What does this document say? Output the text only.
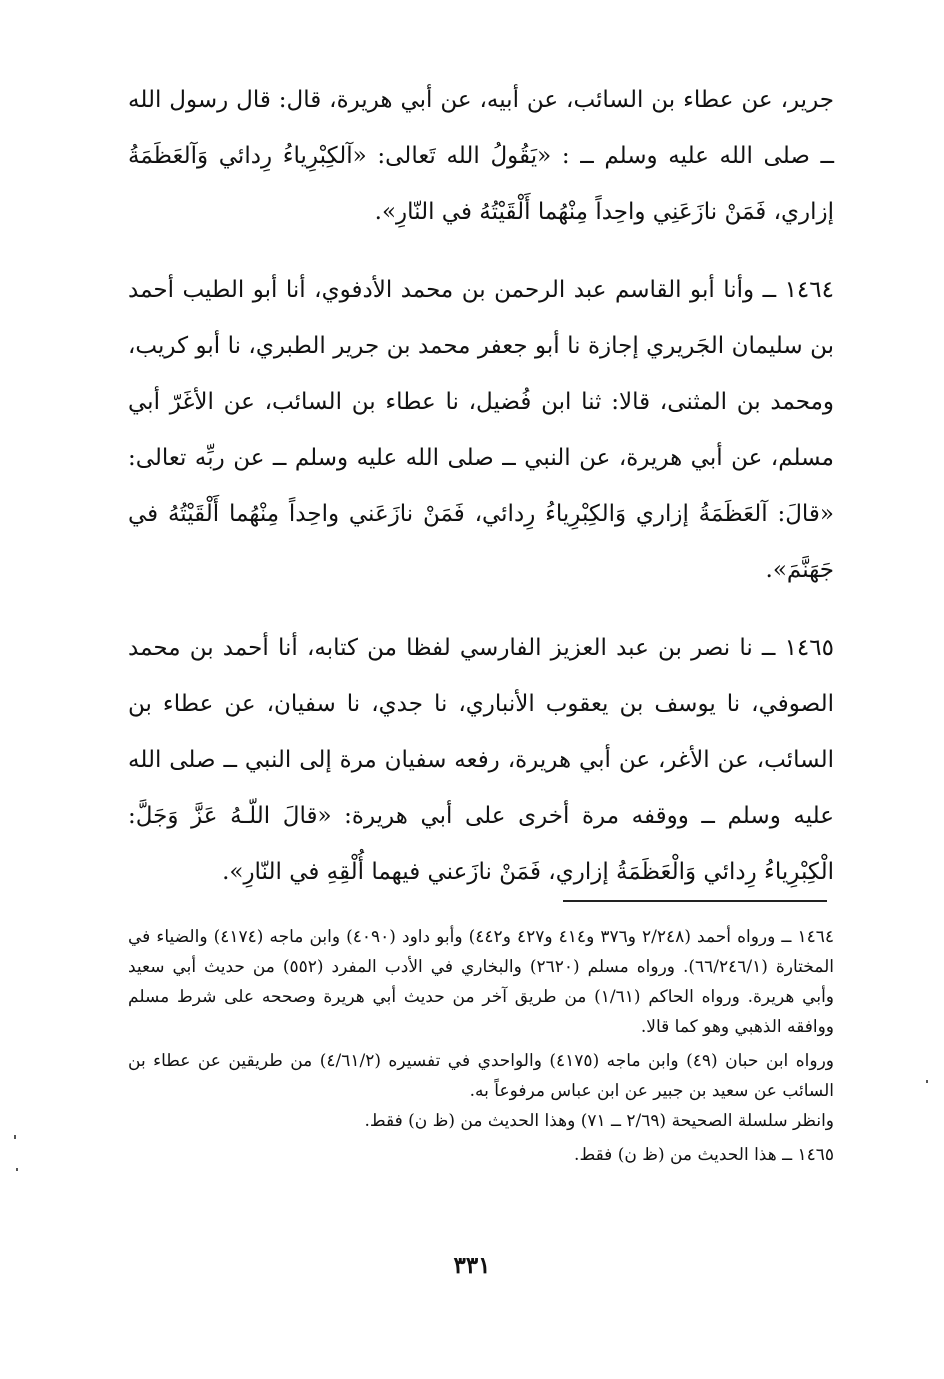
جرير، عن عطاء بن السائب، عن أبيه، عن أبي هريرة، قال: قال رسول الله ــ صلى الله عليه وسلم ــ : «يَقُولُ الله تَعالى: «آلكِبْرِياءُ رِدائي وَآلعَظَمَةُ إزاري، فَمَنْ نازَعَنِي واحِداً مِنْهُما أَلْقَيْتُهُ في النّارِ».

١٤٦٤ ــ وأنا أبو القاسم عبد الرحمن بن محمد الأدفوي، أنا أبو الطيب أحمد بن سليمان الجَريري إجازة نا أبو جعفر محمد بن جرير الطبري، نا أبو كريب، ومحمد بن المثنى، قالا: ثنا ابن فُضيل، نا عطاء بن السائب، عن الأغَرّ أبي مسلم، عن أبي هريرة، عن النبي ــ صلى الله عليه وسلم ــ عن ربِّه تعالى: «قالَ: آلعَظَمَةُ إزاري وَالكِبْرِياءُ رِدائي، فَمَنْ نازَعَني واحِداً مِنْهُما أَلْقَيْتُهُ في جَهَنَّمَ».

١٤٦٥ ــ نا نصر بن عبد العزيز الفارسي لفظا من كتابه، أنا أحمد بن محمد الصوفي، نا يوسف بن يعقوب الأنباري، نا جدي، نا سفيان، عن عطاء بن السائب، عن الأغر، عن أبي هريرة، رفعه سفيان مرة إلى النبي ــ صلى الله عليه وسلم ــ ووقفه مرة أخرى على أبي هريرة: «قالَ اللّـهُ عَزَّ وَجَلَّ: الْكِبْرِياءُ رِدائي وَالْعَظَمَةُ إزاري، فَمَنْ نازَعني فيهما أُلْقِهِ في النّارِ».

١٤٦٤ ــ ورواه أحمد (٢/٢٤٨ و٣٧٦ و٤١٤ و٤٢٧ و٤٤٢) وأبو داود (٤٠٩٠) وابن ماجه (٤١٧٤) والضياء في المختارة (٦٦/٢٤٦/١). ورواه مسلم (٢٦٢٠) والبخاري في الأدب المفرد (٥٥٢) من حديث أبي سعيد وأبي هريرة. ورواه الحاكم (١/٦١) من طريق آخر من حديث أبي هريرة وصححه على شرط مسلم ووافقه الذهبي وهو كما قالا.

ورواه ابن حبان (٤٩) وابن ماجه (٤١٧٥) والواحدي في تفسيره (٤/٦١/٢) من طريقين عن عطاء بن السائب عن سعيد بن جبير عن ابن عباس مرفوعاً به.

وانظر سلسلة الصحيحة (٢/٦٩ ــ ٧١) وهذا الحديث من (ظ ن) فقط.

١٤٦٥ ــ هذا الحديث من (ظ ن) فقط.

٣٣١
